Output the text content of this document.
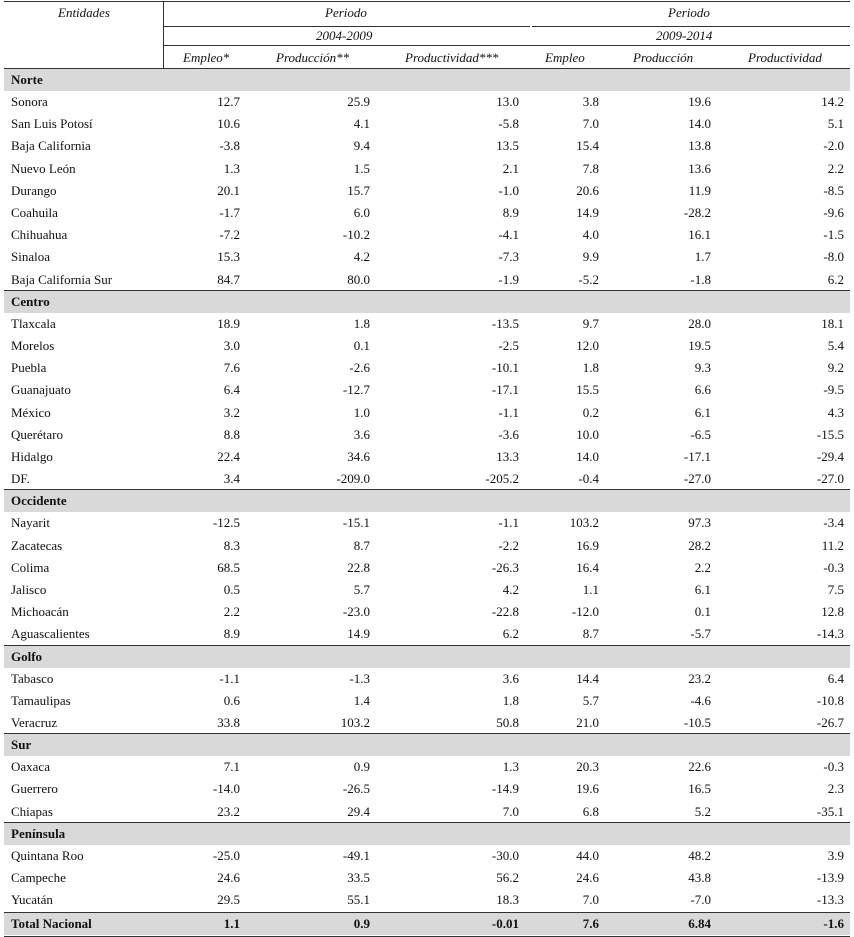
Entidades	Periodo	Periodo
2004-2009	2009-2014
Empleo*	Producción**	Productividad***	Empleo	Producción	Productividad
Norte
Sonora	12.7	25.9	13.0	3.8	19.6	14.2
San Luis Potosí	10.6	4.1	-5.8	7.0	14.0	5.1
Baja California	-3.8	9.4	13.5	15.4	13.8	-2.0
Nuevo León	1.3	1.5	2.1	7.8	13.6	2.2
Durango	20.1	15.7	-1.0	20.6	11.9	-8.5
Coahuila	-1.7	6.0	8.9	14.9	-28.2	-9.6
Chihuahua	-7.2	-10.2	-4.1	4.0	16.1	-1.5
Sinaloa	15.3	4.2	-7.3	9.9	1.7	-8.0
Baja California Sur	84.7	80.0	-1.9	-5.2	-1.8	6.2
Centro
Tlaxcala	18.9	1.8	-13.5	9.7	28.0	18.1
Morelos	3.0	0.1	-2.5	12.0	19.5	5.4
Puebla	7.6	-2.6	-10.1	1.8	9.3	9.2
Guanajuato	6.4	-12.7	-17.1	15.5	6.6	-9.5
México	3.2	1.0	-1.1	0.2	6.1	4.3
Querétaro	8.8	3.6	-3.6	10.0	-6.5	-15.5
Hidalgo	22.4	34.6	13.3	14.0	-17.1	-29.4
DF.	3.4	-209.0	-205.2	-0.4	-27.0	-27.0
Occidente
Nayarit	-12.5	-15.1	-1.1	103.2	97.3	-3.4
Zacatecas	8.3	8.7	-2.2	16.9	28.2	11.2
Colima	68.5	22.8	-26.3	16.4	2.2	-0.3
Jalisco	0.5	5.7	4.2	1.1	6.1	7.5
Michoacán	2.2	-23.0	-22.8	-12.0	0.1	12.8
Aguascalientes	8.9	14.9	6.2	8.7	-5.7	-14.3
Golfo
Tabasco	-1.1	-1.3	3.6	14.4	23.2	6.4
Tamaulipas	0.6	1.4	1.8	5.7	-4.6	-10.8
Veracruz	33.8	103.2	50.8	21.0	-10.5	-26.7
Sur
Oaxaca	7.1	0.9	1.3	20.3	22.6	-0.3
Guerrero	-14.0	-26.5	-14.9	19.6	16.5	2.3
Chiapas	23.2	29.4	7.0	6.8	5.2	-35.1
Península
Quintana Roo	-25.0	-49.1	-30.0	44.0	48.2	3.9
Campeche	24.6	33.5	56.2	24.6	43.8	-13.9
Yucatán	29.5	55.1	18.3	7.0	-7.0	-13.3
Total Nacional	1.1	0.9	-0.01	7.6	6.84	-1.6
